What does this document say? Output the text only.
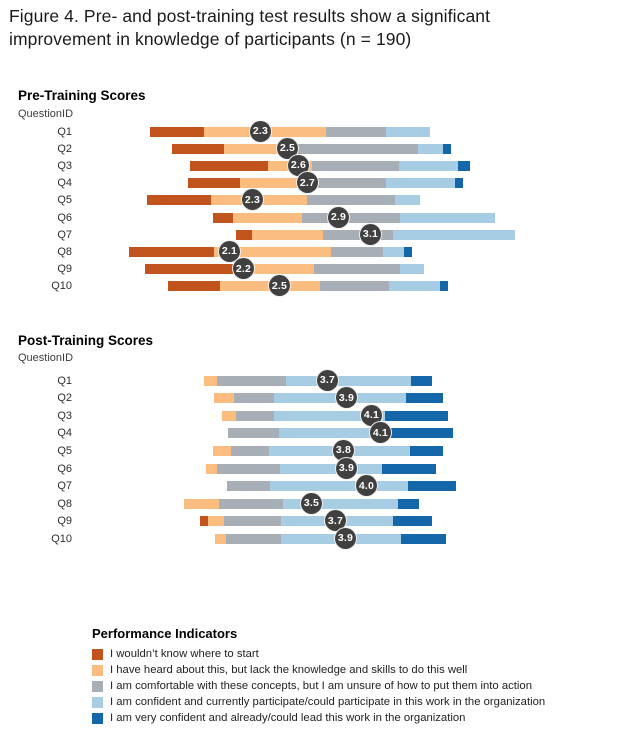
Figure 4. Pre- and post-training test results show a significant improvement in knowledge of participants (n = 190)
Pre-Training Scores
QuestionID
Post-Training Scores
QuestionID
Q1	2.3
Q2	2.5
Q3	2.6
Q4	2.7
Q5	2.3
Q6	2.9
Q7	3.1
Q8	2.1
Q9	2.2
Q10	2.5
Q1	3.7
Q2	3.9
Q3	4.1
Q4	4.1
Q5	3.8
Q6	3.9
Q7	4.0
Q8	3.5
Q9	3.7
Q10	3.9
Performance Indicators
I wouldn’t know where to start
I have heard about this, but lack the knowledge and skills to do this well
I am comfortable with these concepts, but I am unsure of how to put them into action
I am confident and currently participate/could participate in this work in the organization
I am very confident and already/could lead this work in the organization
